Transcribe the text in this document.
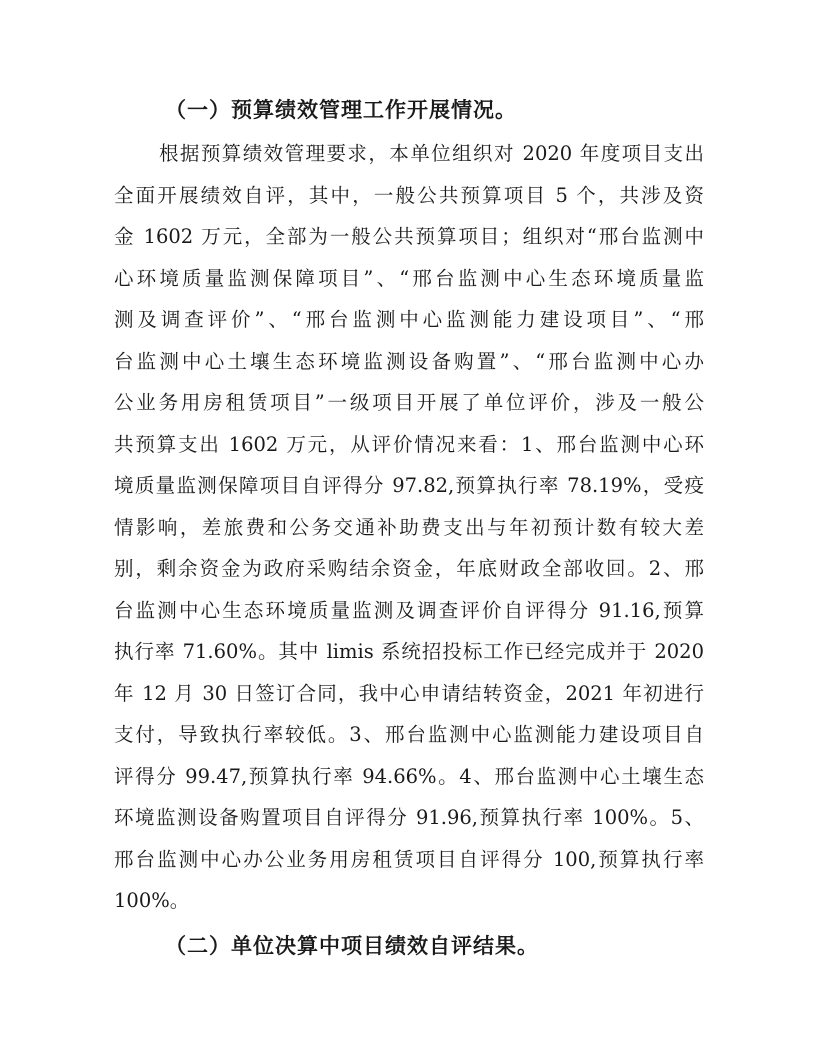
（一）预算绩效管理工作开展情况。
根据预算绩效管理要求，本单位组织对 2020 年度项目支出
全面开展绩效自评，其中，一般公共预算项目 5 个，共涉及资
金 1602 万元，全部为一般公共预算项目；组织对“邢台监测中
心环境质量监测保障项目”、“邢台监测中心生态环境质量监
测及调查评价”、“邢台监测中心监测能力建设项目”、“邢
台监测中心土壤生态环境监测设备购置”、“邢台监测中心办
公业务用房租赁项目”一级项目开展了单位评价，涉及一般公
共预算支出 1602 万元，从评价情况来看：1、邢台监测中心环
境质量监测保障项目自评得分 97.82,预算执行率 78.19%，受疫
情影响，差旅费和公务交通补助费支出与年初预计数有较大差
别，剩余资金为政府采购结余资金，年底财政全部收回。2、邢
台监测中心生态环境质量监测及调查评价自评得分 91.16,预算
执行率 71.60%。其中 limis 系统招投标工作已经完成并于 2020
年 12 月 30 日签订合同，我中心申请结转资金，2021 年初进行
支付，导致执行率较低。3、邢台监测中心监测能力建设项目自
评得分 99.47,预算执行率 94.66%。4、邢台监测中心土壤生态
环境监测设备购置项目自评得分 91.96,预算执行率 100%。5、
邢台监测中心办公业务用房租赁项目自评得分 100,预算执行率
100%。
（二）单位决算中项目绩效自评结果。
